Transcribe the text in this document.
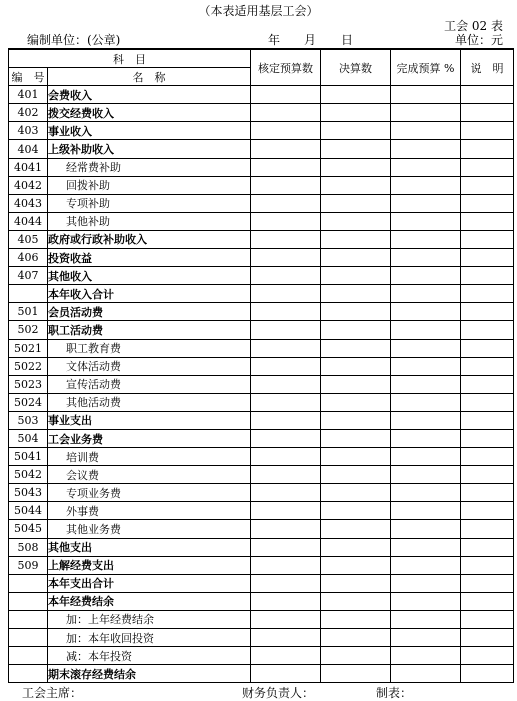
（本表适用基层工会）
工会 02 表
编制单位：(公章)	年 月 日	单位：元
科　目		核定预算数	决算数	完成预算 %	说　明
编　号	名　称				
401	会费收入				
402	拨交经费收入				
403	事业收入				
404	上级补助收入				
4041	经常费补助				
4042	回拨补助				
4043	专项补助				
4044	其他补助				
405	政府或行政补助收入				
406	投资收益				
407	其他收入				
	本年收入合计				
501	会员活动费				
502	职工活动费				
5021	职工教育费				
5022	文体活动费				
5023	宣传活动费				
5024	其他活动费				
503	事业支出				
504	工会业务费				
5041	培训费				
5042	会议费				
5043	专项业务费				
5044	外事费				
5045	其他业务费				
508	其他支出				
509	上解经费支出				
	本年支出合计				
	本年经费结余				
	加：上年经费结余				
	加：本年收回投资				
	减：本年投资				
	期末滚存经费结余				
工会主席：	财务负责人：	制表：
